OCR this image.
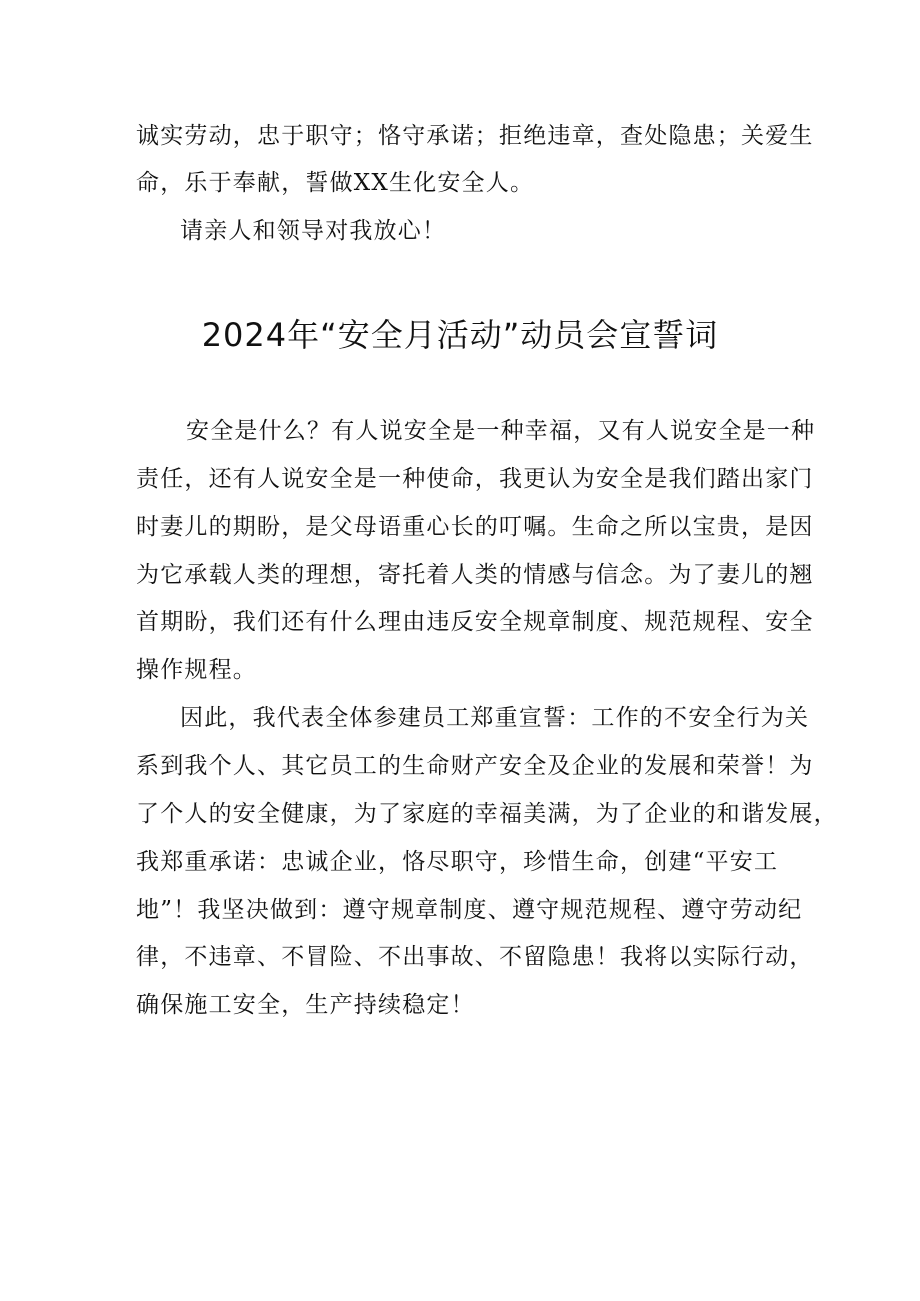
诚实劳动，忠于职守；恪守承诺；拒绝违章，查处隐患；关爱生
命，乐于奉献，誓做XX生化安全人。
请亲人和领导对我放心！
2024年“安全月活动”动员会宣誓词
安全是什么？有人说安全是一种幸福，又有人说安全是一种
责任，还有人说安全是一种使命，我更认为安全是我们踏出家门
时妻儿的期盼，是父母语重心长的叮嘱。生命之所以宝贵，是因
为它承载人类的理想，寄托着人类的情感与信念。为了妻儿的翘
首期盼，我们还有什么理由违反安全规章制度、规范规程、安全
操作规程。
因此，我代表全体参建员工郑重宣誓：工作的不安全行为关
系到我个人、其它员工的生命财产安全及企业的发展和荣誉！为
了个人的安全健康，为了家庭的幸福美满，为了企业的和谐发展，
我郑重承诺：忠诚企业，恪尽职守，珍惜生命，创建“平安工
地”！我坚决做到：遵守规章制度、遵守规范规程、遵守劳动纪
律，不违章、不冒险、不出事故、不留隐患！我将以实际行动，
确保施工安全，生产持续稳定！
